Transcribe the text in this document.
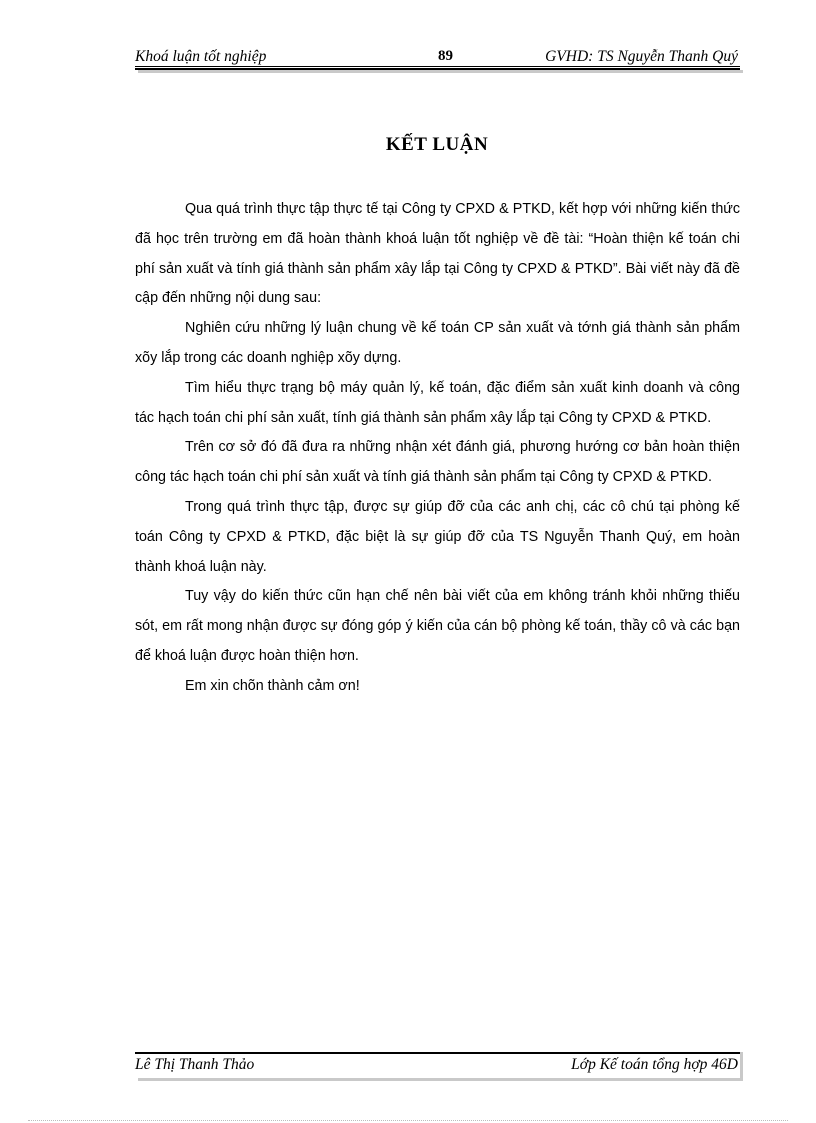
Khoá luận tốt nghiệp	89	GVHD: TS Nguyễn Thanh Quý
KẾT LUẬN

Qua quá trình thực tập thực tế tại Công ty CPXD & PTKD, kết hợp với những kiến thức đã học trên trường em đã hoàn thành khoá luận tốt nghiệp về đề tài: “Hoàn thiện kế toán chi phí sản xuất và tính giá thành sản phẩm xây lắp tại Công ty CPXD & PTKD”. Bài viết này đã đề cập đến những nội dung sau:

Nghiên cứu những lý luận chung về kế toán CP sản xuất và tớnh giá thành sản phẩm xõy lắp trong các doanh nghiệp xõy dựng.

Tìm hiểu thực trạng bộ máy quản lý, kế toán, đặc điểm sản xuất kinh doanh và công tác hạch toán chi phí sản xuất, tính giá thành sản phẩm xây lắp tại Công ty CPXD & PTKD.

Trên cơ sở đó đã đưa ra những nhận xét đánh giá, phương hướng cơ bản hoàn thiện công tác hạch toán chi phí sản xuất và tính giá thành sản phẩm tại Công ty CPXD & PTKD.

Trong quá trình thực tập, được sự giúp đỡ của các anh chị, các cô chú tại phòng kế toán Công ty CPXD & PTKD, đặc biệt là sự giúp đỡ của TS Nguyễn Thanh Quý, em hoàn thành khoá luận này.

Tuy vậy do kiến thức cũn hạn chế nên bài viết của em không tránh khỏi những thiếu sót, em rất mong nhận được sự đóng góp ý kiến của cán bộ phòng kế toán, thầy cô và các bạn để khoá luận được hoàn thiện hơn.

Em xin chõn thành cảm ơn!

Lê Thị Thanh Thảo	Lớp Kế toán tổng hợp 46D
